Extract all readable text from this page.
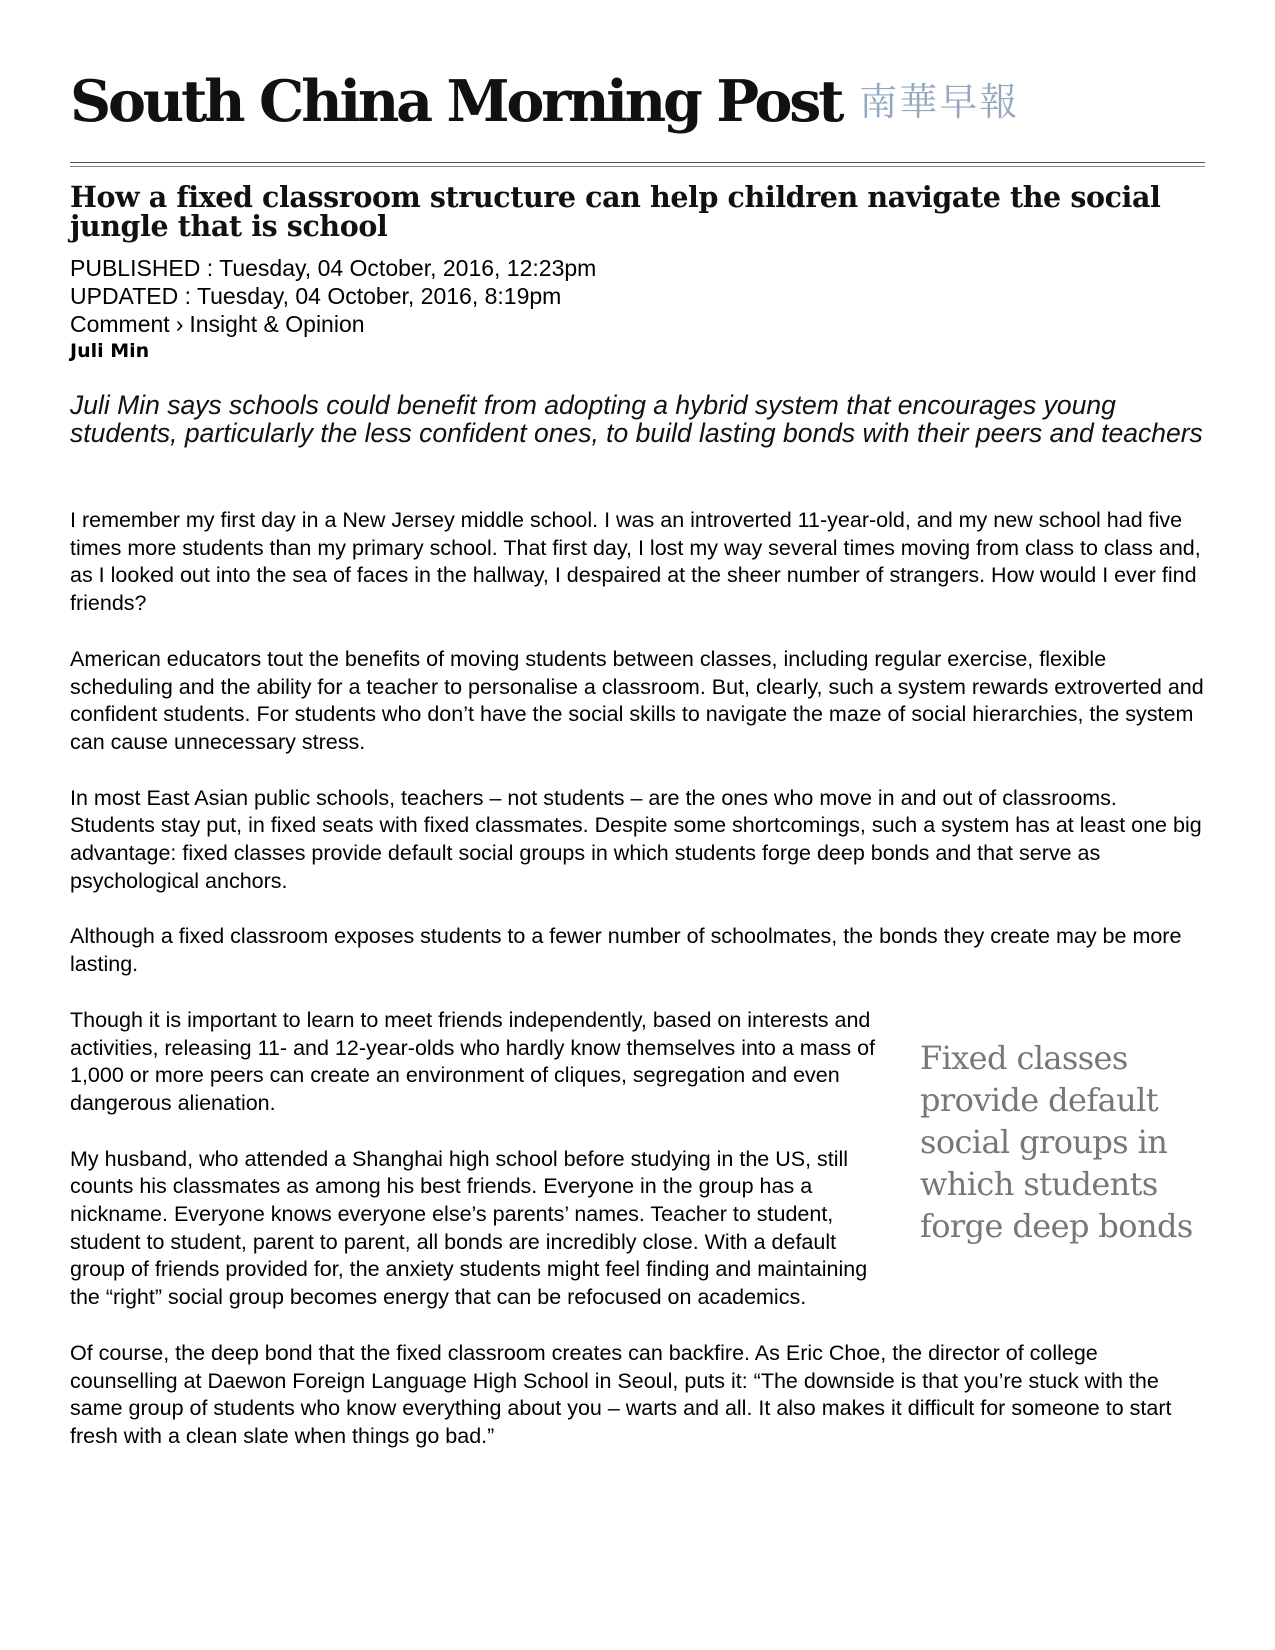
South China Morning Post 南華早報
How a fixed classroom structure can help children navigate the social jungle that is school
PUBLISHED : Tuesday, 04 October, 2016, 12:23pm
UPDATED : Tuesday, 04 October, 2016, 8:19pm
Comment › Insight & Opinion
Juli Min

Juli Min says schools could benefit from adopting a hybrid system that encourages young students, particularly the less confident ones, to build lasting bonds with their peers and teachers

I remember my first day in a New Jersey middle school. I was an introverted 11-year-old, and my new school had five times more students than my primary school. That first day, I lost my way several times moving from class to class and, as I looked out into the sea of faces in the hallway, I despaired at the sheer number of strangers. How would I ever find friends?

American educators tout the benefits of moving students between classes, including regular exercise, flexible scheduling and the ability for a teacher to personalise a classroom. But, clearly, such a system rewards extroverted and confident students. For students who don’t have the social skills to navigate the maze of social hierarchies, the system can cause unnecessary stress.

In most East Asian public schools, teachers – not students – are the ones who move in and out of classrooms. Students stay put, in fixed seats with fixed classmates. Despite some shortcomings, such a system has at least one big advantage: fixed classes provide default social groups in which students forge deep bonds and that serve as psychological anchors.

Although a fixed classroom exposes students to a fewer number of schoolmates, the bonds they create may be more lasting.

Fixed classes provide default social groups in which students forge deep bonds

Though it is important to learn to meet friends independently, based on interests and activities, releasing 11- and 12-year-olds who hardly know themselves into a mass of 1,000 or more peers can create an environment of cliques, segregation and even dangerous alienation.

My husband, who attended a Shanghai high school before studying in the US, still counts his classmates as among his best friends. Everyone in the group has a nickname. Everyone knows everyone else’s parents’ names. Teacher to student, student to student, parent to parent, all bonds are incredibly close. With a default group of friends provided for, the anxiety students might feel finding and maintaining the “right” social group becomes energy that can be refocused on academics.

Of course, the deep bond that the fixed classroom creates can backfire. As Eric Choe, the director of college counselling at Daewon Foreign Language High School in Seoul, puts it: “The downside is that you’re stuck with the same group of students who know everything about you – warts and all. It also makes it difficult for someone to start fresh with a clean slate when things go bad.”
